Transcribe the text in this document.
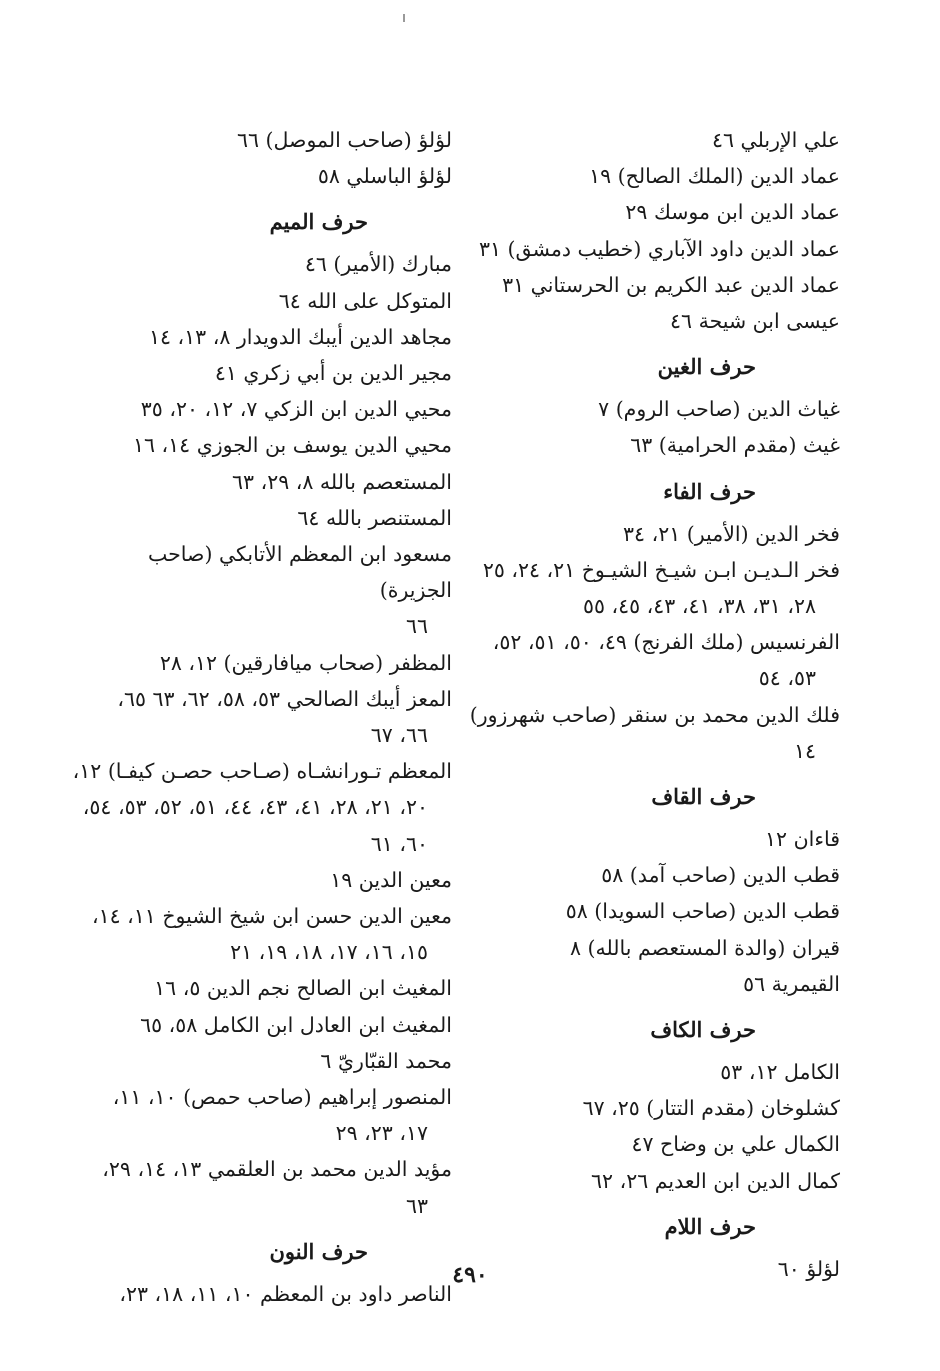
علي الإربلي ٤٦
عماد الدين (الملك الصالح) ١٩
عماد الدين ابن موسك ٢٩
عماد الدين داود الآباري (خطيب دمشق) ٣١
عماد الدين عبد الكريم بن الحرستاني ٣١
عيسى ابن شيحة ٤٦
حرف الغين
غياث الدين (صاحب الروم) ٧
غيث (مقدم الحرامية) ٦٣
حرف الفاء
فخر الدين (الأمير) ٢١، ٣٤
فخر الـديـن ابـن شيـخ الشيـوخ ٢١، ٢٤، ٢٥
٢٨، ٣١، ٣٨، ٤١، ٤٣، ٤٥، ٥٥
الفرنسيس (ملك الفرنج) ٤٩، ٥٠، ٥١، ٥٢،
٥٣، ٥٤
فلك الدين محمد بن سنقر (صاحب شهرزور)
١٤
حرف القاف
قاءان ١٢
قطب الدين (صاحب آمد) ٥٨
قطب الدين (صاحب السويدا) ٥٨
قيران (والدة المستعصم بالله) ٨
القيمرية ٥٦
حرف الكاف
الكامل ١٢، ٥٣
كشلوخان (مقدم التتار) ٢٥، ٦٧
الكمال علي بن وضاح ٤٧
كمال الدين ابن العديم ٢٦، ٦٢
حرف اللام
لؤلؤ ٦٠
لؤلؤ (صاحب الموصل) ٦٦
لؤلؤ الباسلي ٥٨
حرف الميم
مبارك (الأمير) ٤٦
المتوكل على الله ٦٤
مجاهد الدين أيبك الدويدار ٨، ١٣، ١٤
مجير الدين بن أبي زكري ٤١
محيي الدين ابن الزكي ٧، ١٢، ٢٠، ٣٥
محيي الدين يوسف بن الجوزي ١٤، ١٦
المستعصم بالله ٨، ٢٩، ٦٣
المستنصر بالله ٦٤
مسعود ابن المعظم الأتابكي (صاحب الجزيرة)
٦٦
المظفر (صحاب ميافارقين) ١٢، ٢٨
المعز أيبك الصالحي ٥٣، ٥٨، ٦٢، ٦٣ ٦٥،
٦٦، ٦٧
المعظم تـورانشـاه (صـاحب حصـن كيفـا) ١٢،
٢٠، ٢١، ٢٨، ٤١، ٤٣، ٤٤، ٥١، ٥٢، ٥٣، ٥٤، ٦٠، ٦١
معين الدين ١٩
معين الدين حسن ابن شيخ الشيوخ ١١، ١٤،
١٥، ١٦، ١٧، ١٨، ١٩، ٢١
المغيث ابن الصالح نجم الدين ٥، ١٦
المغيث ابن العادل ابن الكامل ٥٨، ٦٥
محمد القبّاريّ ٦
المنصور إبراهيم (صاحب حمص) ١٠، ١١،
١٧، ٢٣، ٢٩
مؤيد الدين محمد بن العلقمي ١٣، ١٤، ٢٩،
٦٣
حرف النون
الناصر داود بن المعظم ١٠، ١١، ١٨، ٢٣،
٤٩٠
